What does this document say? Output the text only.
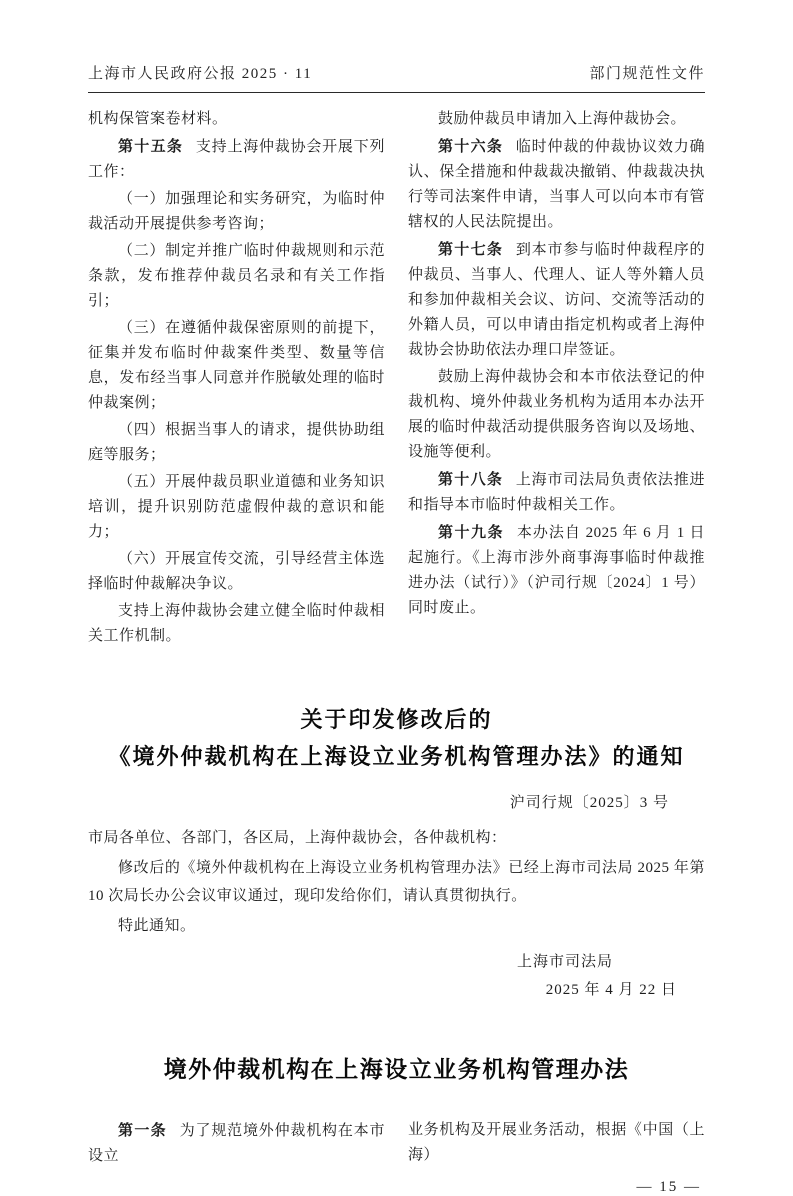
上海市人民政府公报 2025 · 11	部门规范性文件

机构保管案卷材料。

第十五条 支持上海仲裁协会开展下列工作：

（一）加强理论和实务研究，为临时仲裁活动开展提供参考咨询；

（二）制定并推广临时仲裁规则和示范条款，发布推荐仲裁员名录和有关工作指引；

（三）在遵循仲裁保密原则的前提下，征集并发布临时仲裁案件类型、数量等信息，发布经当事人同意并作脱敏处理的临时仲裁案例；

（四）根据当事人的请求，提供协助组庭等服务；

（五）开展仲裁员职业道德和业务知识培训，提升识别防范虚假仲裁的意识和能力；

（六）开展宣传交流，引导经营主体选择临时仲裁解决争议。

支持上海仲裁协会建立健全临时仲裁相关工作机制。

鼓励仲裁员申请加入上海仲裁协会。

第十六条 临时仲裁的仲裁协议效力确认、保全措施和仲裁裁决撤销、仲裁裁决执行等司法案件申请，当事人可以向本市有管辖权的人民法院提出。

第十七条 到本市参与临时仲裁程序的仲裁员、当事人、代理人、证人等外籍人员和参加仲裁相关会议、访问、交流等活动的外籍人员，可以申请由指定机构或者上海仲裁协会协助依法办理口岸签证。

鼓励上海仲裁协会和本市依法登记的仲裁机构、境外仲裁业务机构为适用本办法开展的临时仲裁活动提供服务咨询以及场地、设施等便利。

第十八条 上海市司法局负责依法推进和指导本市临时仲裁相关工作。

第十九条 本办法自 2025 年 6 月 1 日起施行。《上海市涉外商事海事临时仲裁推进办法（试行）》（沪司行规〔2024〕1 号）同时废止。

关于印发修改后的
《境外仲裁机构在上海设立业务机构管理办法》的通知
沪司行规〔2025〕3 号

市局各单位、各部门，各区局，上海仲裁协会，各仲裁机构：

修改后的《境外仲裁机构在上海设立业务机构管理办法》已经上海市司法局 2025 年第 10 次局长办公会议审议通过，现印发给你们，请认真贯彻执行。

特此通知。

上海市司法局
2025 年 4 月 22 日
境外仲裁机构在上海设立业务机构管理办法

第一条 为了规范境外仲裁机构在本市设立

业务机构及开展业务活动，根据《中国（上海）

— 15 —
